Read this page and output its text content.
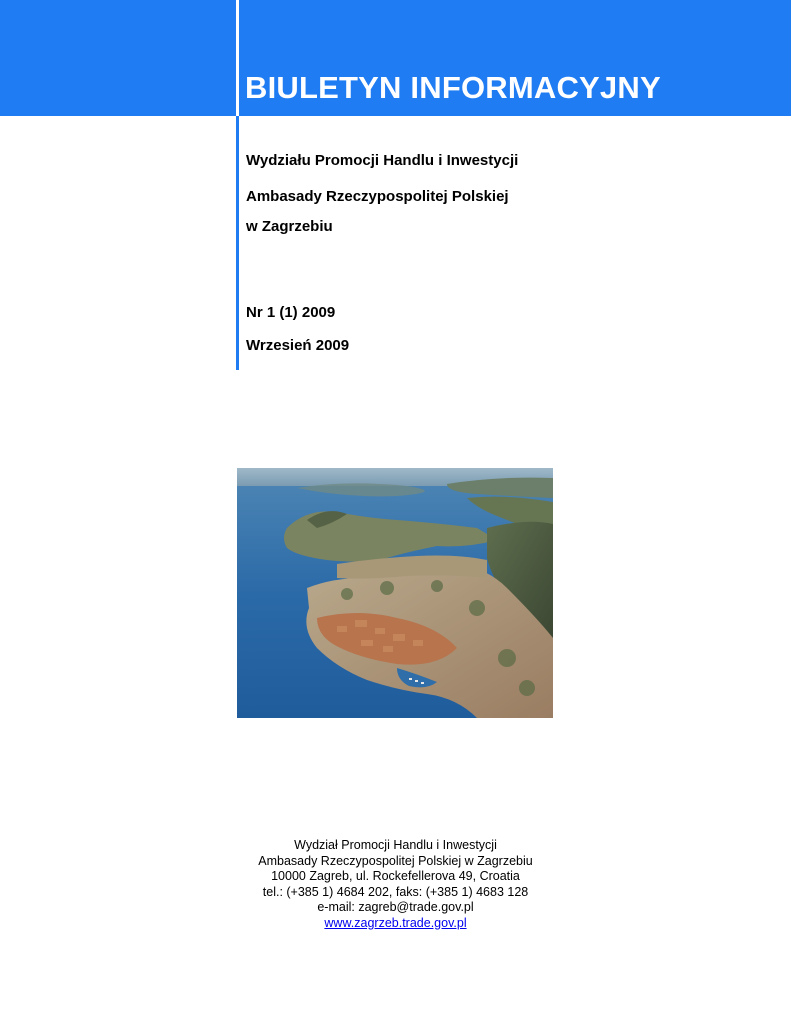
BIULETYN INFORMACYJNY
Wydziału Promocji Handlu i Inwestycji
Ambasady Rzeczypospolitej Polskiej
w Zagrzebiu
Nr 1 (1) 2009
Wrzesień 2009
Wydział Promocji Handlu i Inwestycji
Ambasady Rzeczypospolitej Polskiej w Zagrzebiu
10000 Zagreb, ul. Rockefellerova 49, Croatia
tel.: (+385 1) 4684 202, faks: (+385 1) 4683 128
e-mail: zagreb@trade.gov.pl
www.zagrzeb.trade.gov.pl
